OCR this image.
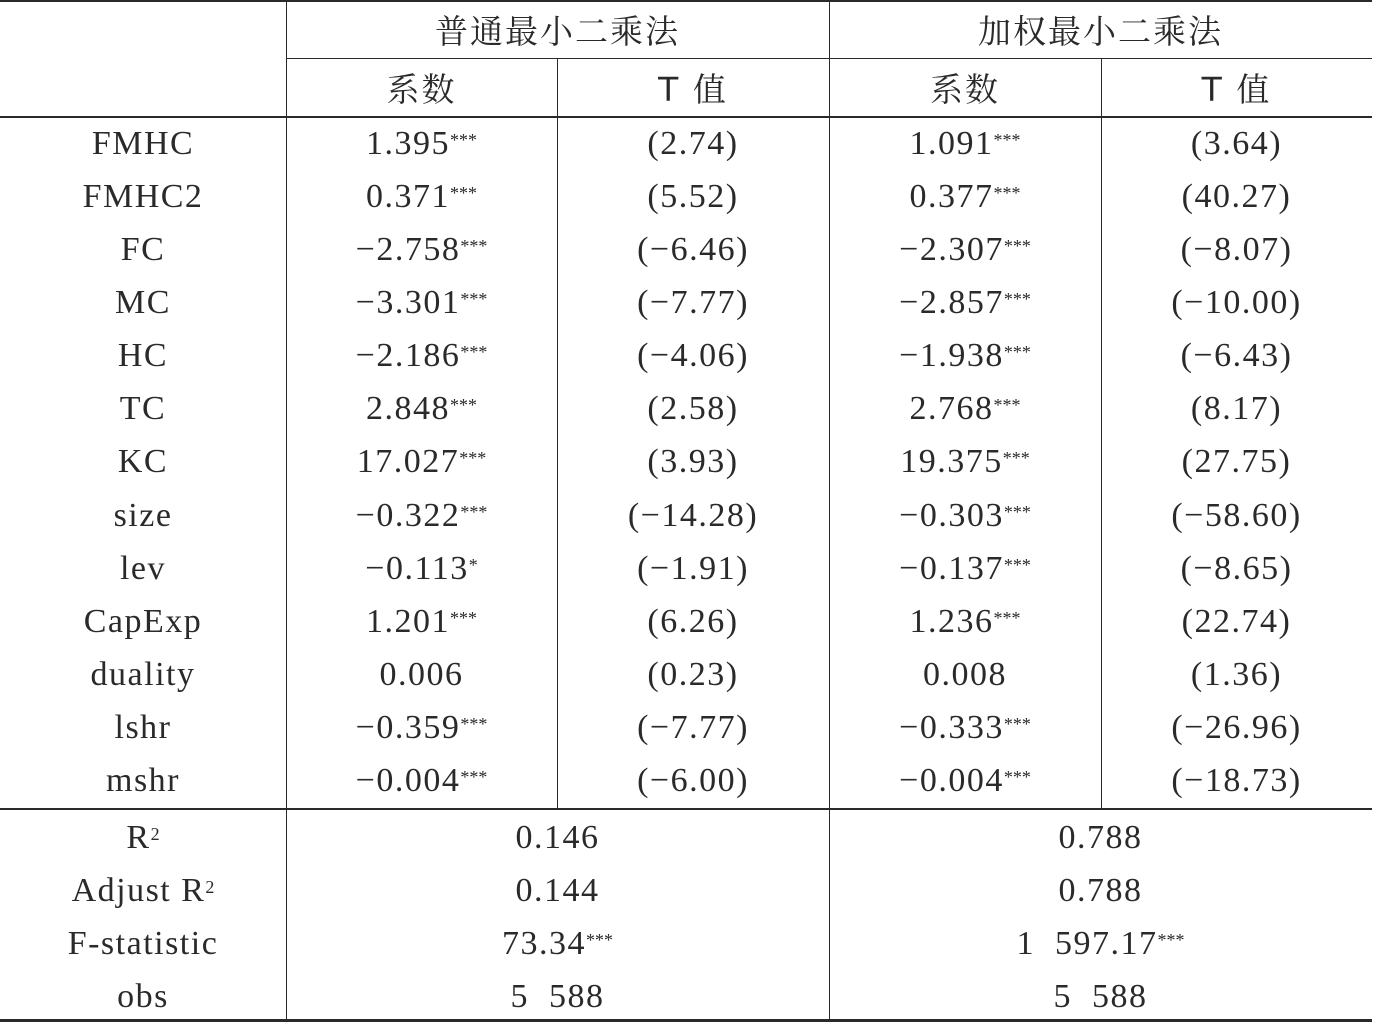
普通最小二乘法	加权最小二乘法
系数	T 值	系数	T 值
FMHC	1.395***	(2.74)	1.091***	(3.64)
FMHC2	0.371***	(5.52)	0.377***	(40.27)
FC	−2.758***	(−6.46)	−2.307***	(−8.07)
MC	−3.301***	(−7.77)	−2.857***	(−10.00)
HC	−2.186***	(−4.06)	−1.938***	(−6.43)
TC	2.848***	(2.58)	2.768***	(8.17)
KC	17.027***	(3.93)	19.375***	(27.75)
size	−0.322***	(−14.28)	−0.303***	(−58.60)
lev	−0.113*	(−1.91)	−0.137***	(−8.65)
CapExp	1.201***	(6.26)	1.236***	(22.74)
duality	0.006	(0.23)	0.008	(1.36)
lshr	−0.359***	(−7.77)	−0.333***	(−26.96)
mshr	−0.004***	(−6.00)	−0.004***	(−18.73)
$R^2$	0.146	0.788
Adjust $R^2$	0.144	0.788
F-statistic	73.34***	1  597.17***
obs	5  588	5  588
